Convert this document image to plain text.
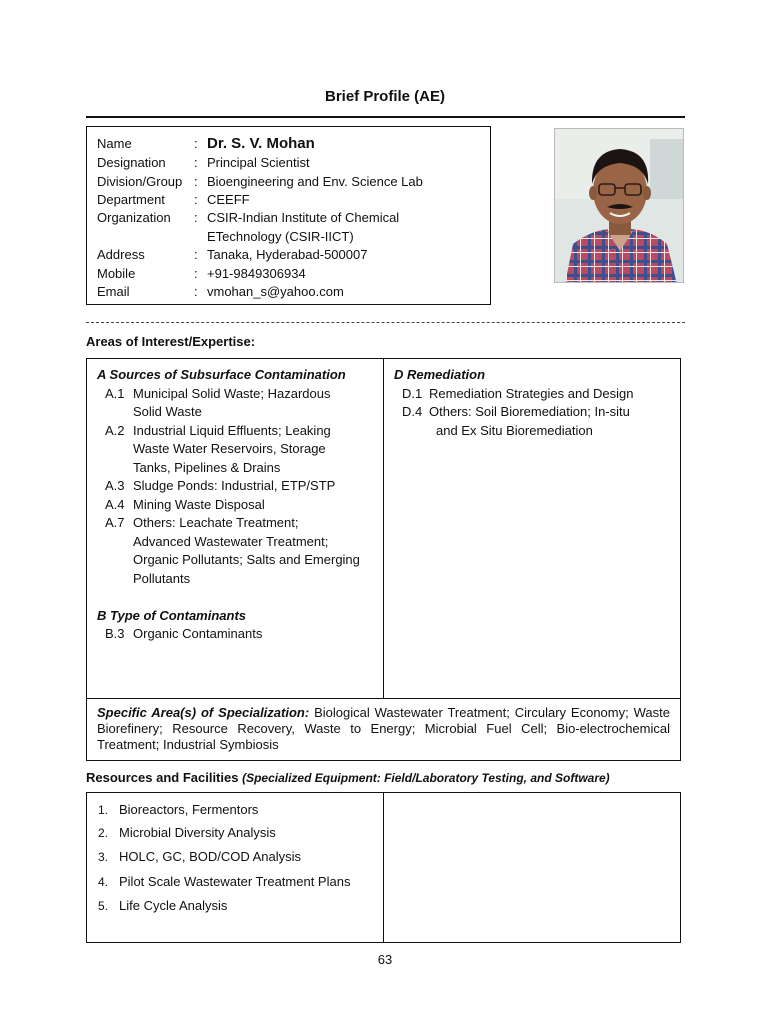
Brief Profile (AE)
Name	: Dr. S. V. Mohan
Designation	: Principal Scientist
Division/Group : Bioengineering and Env. Science Lab
Department	: CEEFF
Organization	: CSIR-Indian Institute of Chemical
ETechnology (CSIR-IICT)
Address	: Tanaka, Hyderabad-500007
Mobile	: +91-9849306934
Email	: vmohan_s@yahoo.com
Areas of Interest/Expertise:
A Sources of Subsurface Contamination
A.1 Municipal Solid Waste; Hazardous
Solid Waste
A.2 Industrial Liquid Effluents; Leaking
Waste Water Reservoirs, Storage
Tanks, Pipelines & Drains
A.3 Sludge Ponds: Industrial, ETP/STP
A.4 Mining Waste Disposal
A.7 Others: Leachate Treatment;
Advanced Wastewater Treatment;
Organic Pollutants; Salts and Emerging
Pollutants
B Type of Contaminants
B.3 Organic Contaminants
D Remediation
D.1 Remediation Strategies and Design
D.4 Others: Soil Bioremediation; In-situ
and Ex Situ Bioremediation
Specific Area(s) of Specialization: Biological Wastewater Treatment; Circulary Economy; Waste Biorefinery; Resource Recovery, Waste to Energy; Microbial Fuel Cell; Bio-electrochemical Treatment; Industrial Symbiosis
Resources and Facilities (Specialized Equipment: Field/Laboratory Testing, and Software)
1. Bioreactors, Fermentors
2. Microbial Diversity Analysis
3. HOLC, GC, BOD/COD Analysis
4. Pilot Scale Wastewater Treatment Plans
5. Life Cycle Analysis
63
